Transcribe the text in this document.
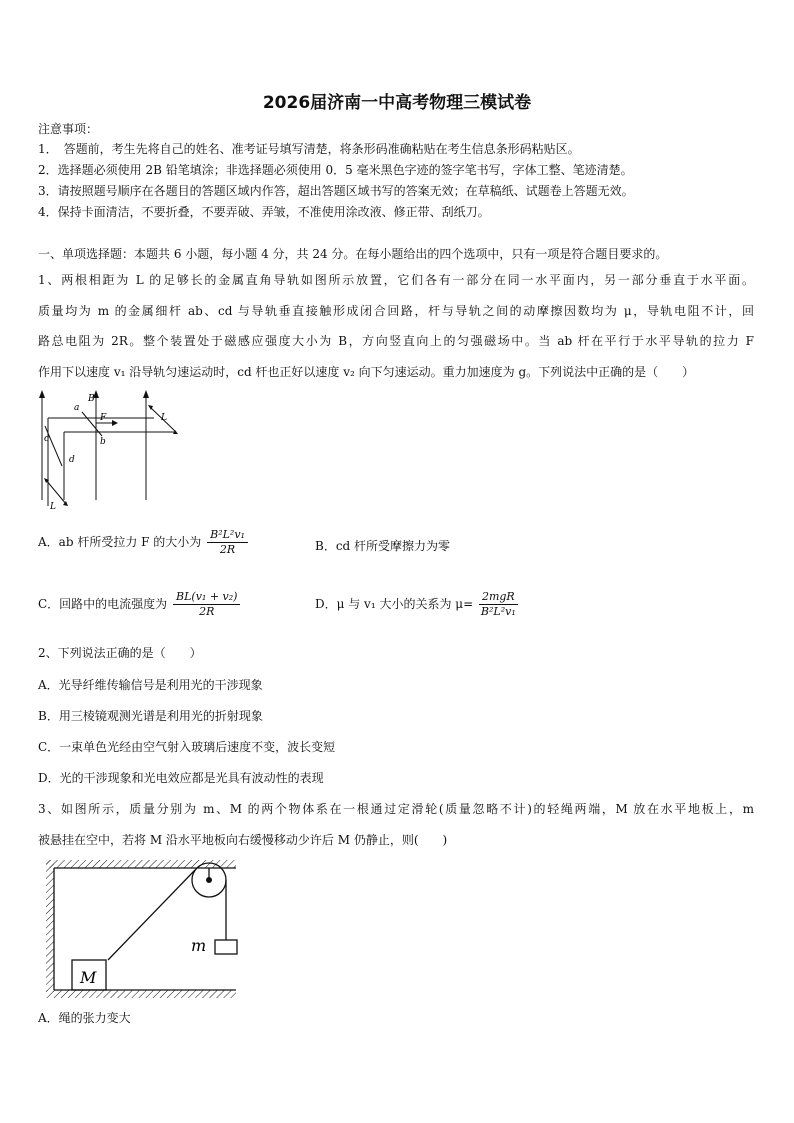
2026届济南一中高考物理三模试卷
注意事项：
1．　答题前，考生先将自己的姓名、准考证号填写清楚，将条形码准确粘贴在考生信息条形码粘贴区。
2．选择题必须使用 2B 铅笔填涂；非选择题必须使用 0．5 毫米黑色字迹的签字笔书写，字体工整、笔迹清楚。
3．请按照题号顺序在各题目的答题区域内作答，超出答题区域书写的答案无效；在草稿纸、试题卷上答题无效。
4．保持卡面清洁，不要折叠，不要弄破、弄皱，不准使用涂改液、修正带、刮纸刀。
一、单项选择题：本题共 6 小题，每小题 4 分，共 24 分。在每小题给出的四个选项中，只有一项是符合题目要求的。
1、两根相距为 L 的足够长的金属直角导轨如图所示放置，它们各有一部分在同一水平面内，另一部分垂直于水平面。
质量均为 m 的金属细杆 ab、cd 与导轨垂直接触形成闭合回路，杆与导轨之间的动摩擦因数均为 μ，导轨电阻不计，回
路总电阻为 2R。整个装置处于磁感应强度大小为 B，方向竖直向上的匀强磁场中。当 ab 杆在平行于水平导轨的拉力 F
作用下以速度 v₁ 沿导轨匀速运动时，cd 杆也正好以速度 v₂ 向下匀速运动。重力加速度为 g。下列说法中正确的是（　　）
a
B
F
b
c
d
L
L
A．ab 杆所受拉力 F 的大小为 $\frac{\text{B²L²v₁}}{2R}$	B．cd 杆所受摩擦力为零
C．回路中的电流强度为 $\frac{\text{BL(v₁ + v₂)}}{2R}$	D．μ 与 v₁ 大小的关系为 $\mu= \frac{\text{2mgR}}{\text{B²L²v₁}}$
2、下列说法正确的是（　　）
A．光导纤维传输信号是利用光的干涉现象
B．用三棱镜观测光谱是利用光的折射现象
C．一束单色光经由空气射入玻璃后速度不变，波长变短
D．光的干涉现象和光电效应都是光具有波动性的表现
3、如图所示，质量分别为 m、M 的两个物体系在一根通过定滑轮(质量忽略不计)的轻绳两端，M 放在水平地板上，m
被悬挂在空中，若将 M 沿水平地板向右缓慢移动少许后 M 仍静止，则(　　)
m
M
A．绳的张力变大
